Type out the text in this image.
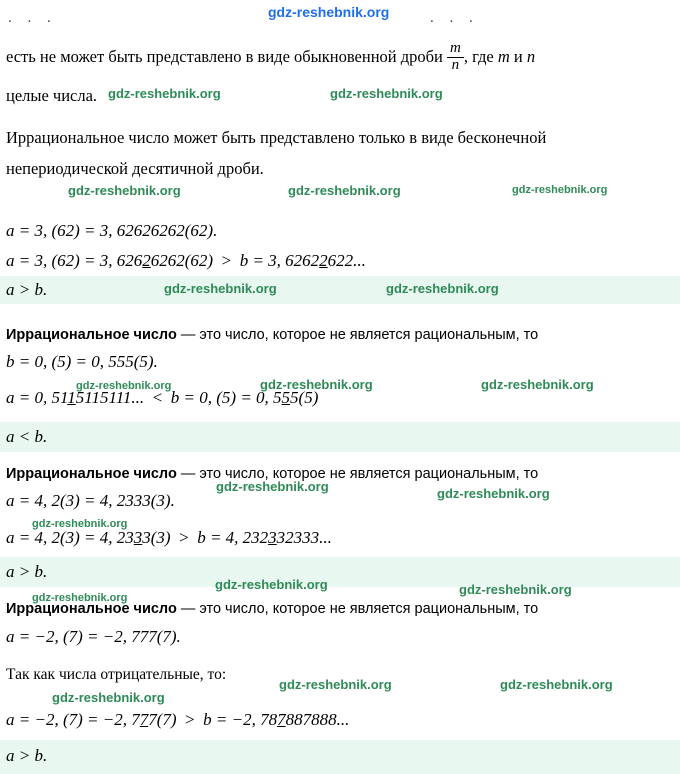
. . .	. . .
есть не может быть представлено в виде обыкновенной дроби $\frac{m}{n}$ , где m и n
целые числа.
Иррациональное число может быть представлено только в виде бесконечной
непериодической десятичной дроби.
a = 3, (62) = 3, 62626262(62).
a = 3, (62) = 3, 62626262(62) > b = 3, 62622622...
a > b.
Иррациональное число — это число, которое не является рациональным, то
b = 0, (5) = 0, 555(5).
a = 0, 5115115111... < b = 0, (5) = 0, 555(5)
a < b.
Иррациональное число — это число, которое не является рациональным, то
a = 4, 2(3) = 4, 2333(3).
a = 4, 2(3) = 4, 2333(3) > b = 4, 232332333...
a > b.
Иррациональное число — это число, которое не является рациональным, то
a = −2, (7) = −2, 777(7).
Так как числа отрицательные, то:
a = −2, (7) = −2, 777(7) > b = −2, 787887888...
a > b.
gdz-reshebnik.org
gdz-reshebnik.org	gdz-reshebnik.org
gdz-reshebnik.org	gdz-reshebnik.org	gdz-reshebnik.org
gdz-reshebnik.org	gdz-reshebnik.org
gdz-reshebnik.org	gdz-reshebnik.org	gdz-reshebnik.org
gdz-reshebnik.org
gdz-reshebnik.org	gdz-reshebnik.org
gdz-reshebnik.org	gdz-reshebnik.org
gdz-reshebnik.org
gdz-reshebnik.org	gdz-reshebnik.org
gdz-reshebnik.org
